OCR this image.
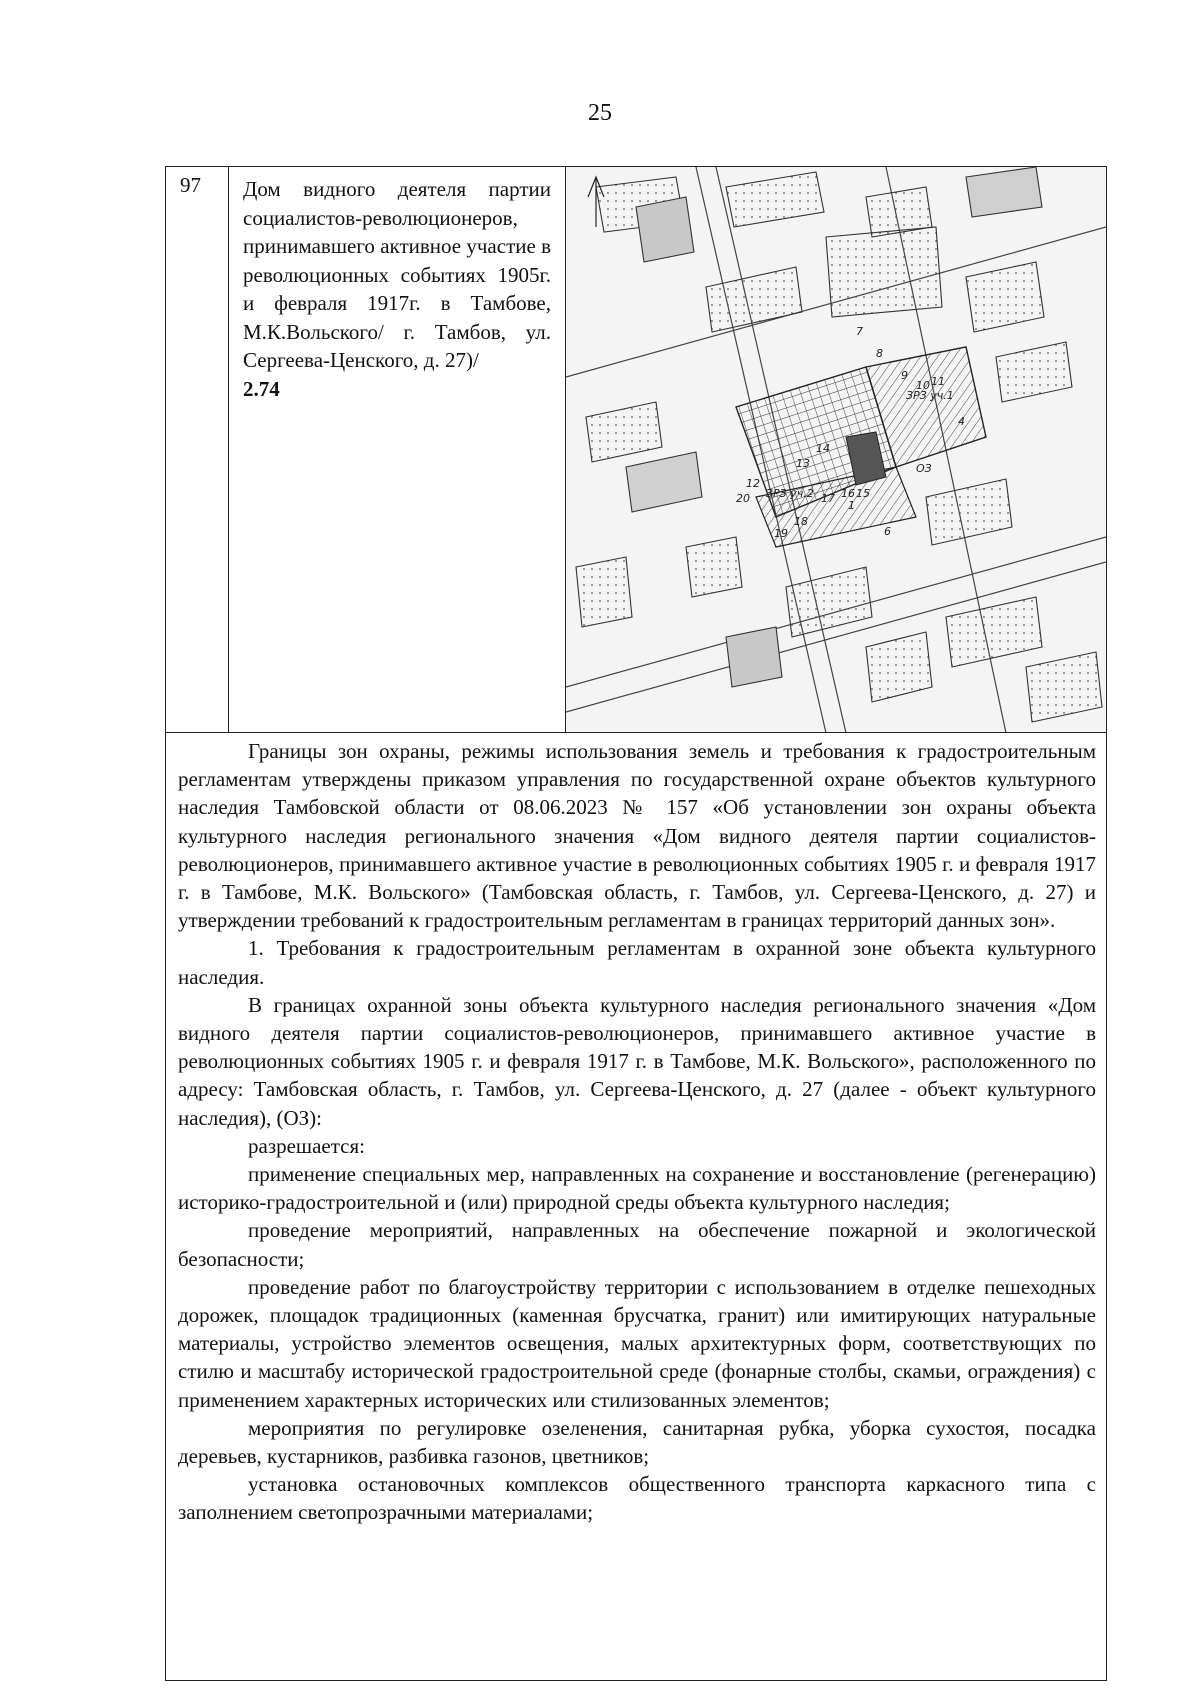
25
97	Дом видного деятеля партии социалистов-революционеров, принимавшего активное участие в революционных событиях 1905г. и февраля 1917г. в Тамбове, М.К.Вольского/ г. Тамбов, ул. Сергеева-Ценского, д. 27)/
2.74	ЗРЗ уч.1
ЗРЗ уч.2
ОЗ
14
20
19
18
17 16 15
12
13
1
6
7
8
9
10 11
4

Границы зон охраны, режимы использования земель и требования к градостроительным регламентам утверждены приказом управления по государственной охране объектов культурного наследия Тамбовской области от 08.06.2023 № 157 «Об установлении зон охраны объекта культурного наследия регионального значения «Дом видного деятеля партии социалистов-революционеров, принимавшего активное участие в революционных событиях 1905 г. и февраля 1917 г. в Тамбове, М.К. Вольского» (Тамбовская область, г. Тамбов, ул. Сергеева-Ценского, д. 27) и утверждении требований к градостроительным регламентам в границах территорий данных зон».

1. Требования к градостроительным регламентам в охранной зоне объекта культурного наследия.

В границах охранной зоны объекта культурного наследия регионального значения «Дом видного деятеля партии социалистов-революционеров, принимавшего активное участие в революционных событиях 1905 г. и февраля 1917 г. в Тамбове, М.К. Вольского», расположенного по адресу: Тамбовская область, г. Тамбов, ул. Сергеева-Ценского, д. 27 (далее - объект культурного наследия), (ОЗ):

разрешается:

применение специальных мер, направленных на сохранение и восстановление (регенерацию) историко-градостроительной и (или) природной среды объекта культурного наследия;

проведение мероприятий, направленных на обеспечение пожарной и экологической безопасности;

проведение работ по благоустройству территории с использованием в отделке пешеходных дорожек, площадок традиционных (каменная брусчатка, гранит) или имитирующих натуральные материалы, устройство элементов освещения, малых архитектурных форм, соответствующих по стилю и масштабу исторической градостроительной среде (фонарные столбы, скамьи, ограждения) с применением характерных исторических или стилизованных элементов;

мероприятия по регулировке озеленения, санитарная рубка, уборка сухостоя, посадка деревьев, кустарников, разбивка газонов, цветников;

установка остановочных комплексов общественного транспорта каркасного типа с заполнением светопрозрачными материалами;
